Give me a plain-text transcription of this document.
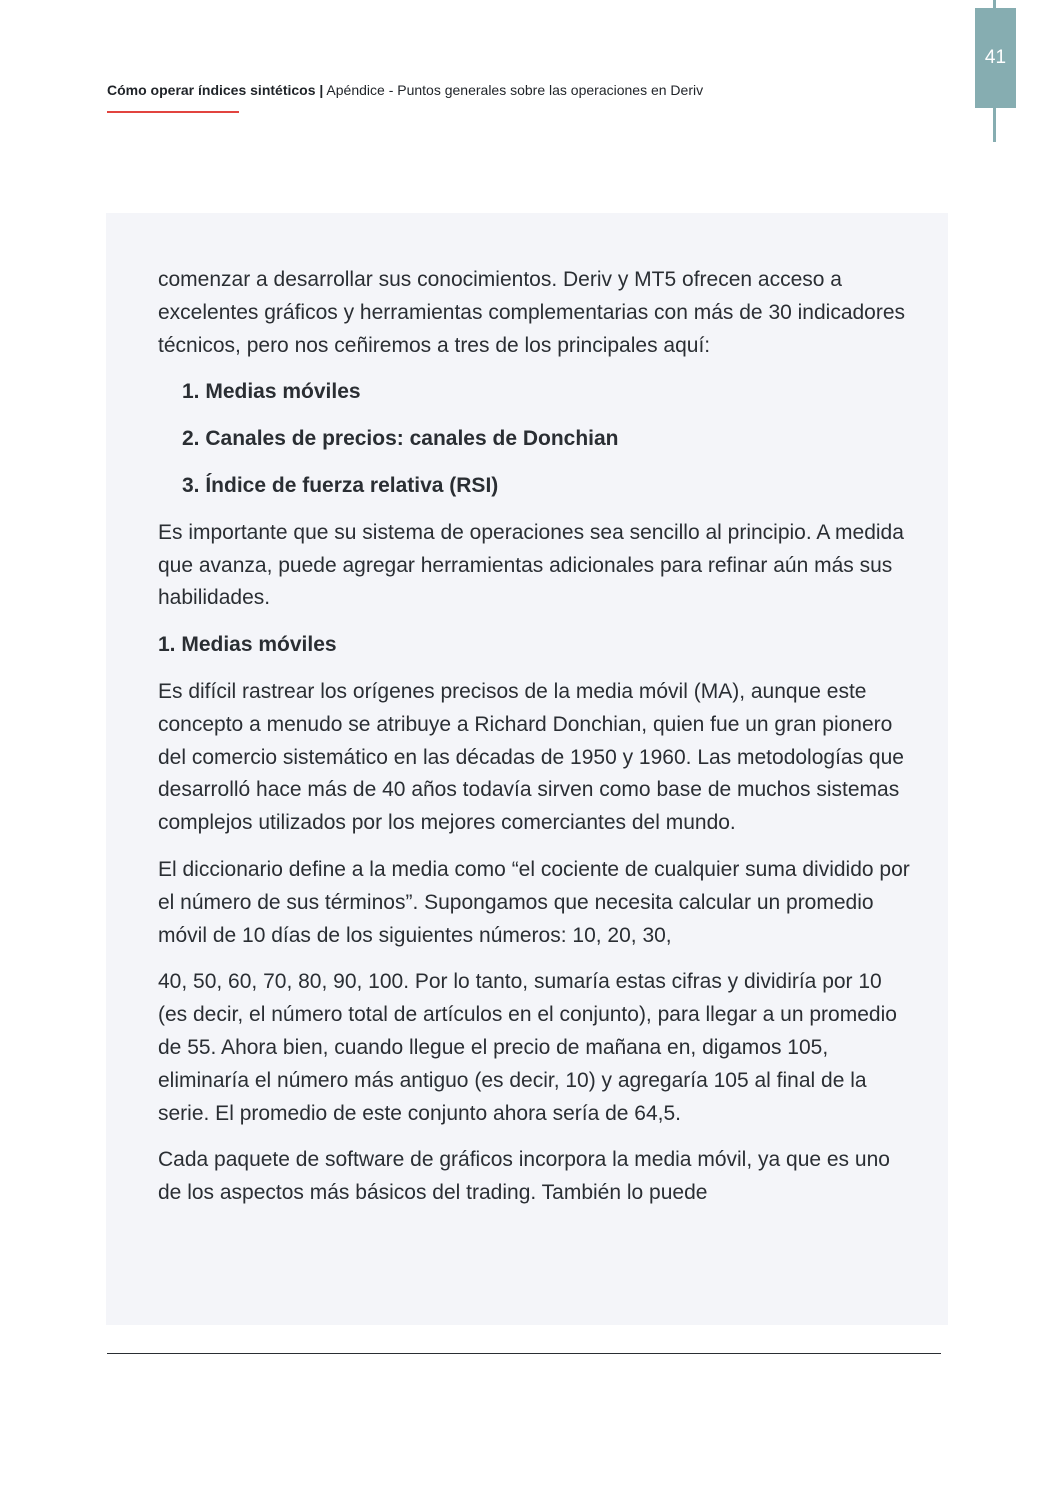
Cómo operar índices sintéticos | Apéndice - Puntos generales sobre las operaciones en Deriv
41

comenzar a desarrollar sus conocimientos. Deriv y MT5 ofrecen acceso a excelentes gráficos y herramientas complementarias con más de 30 indicadores técnicos, pero nos ceñiremos a tres de los principales aquí:

1. Medias móviles
2. Canales de precios: canales de Donchian
3. Índice de fuerza relativa (RSI)

Es importante que su sistema de operaciones sea sencillo al principio. A medida que avanza, puede agregar herramientas adicionales para refinar aún más sus habilidades.

1. Medias móviles

Es difícil rastrear los orígenes precisos de la media móvil (MA), aunque este concepto a menudo se atribuye a Richard Donchian, quien fue un gran pionero del comercio sistemático en las décadas de 1950 y 1960. Las metodologías que desarrolló hace más de 40 años todavía sirven como base de muchos sistemas complejos utilizados por los mejores comerciantes del mundo.

El diccionario define a la media como “el cociente de cualquier suma dividido por el número de sus términos”. Supongamos que necesita calcular un promedio móvil de 10 días de los siguientes números: 10, 20, 30,

40, 50, 60, 70, 80, 90, 100. Por lo tanto, sumaría estas cifras y dividiría por 10 (es decir, el número total de artículos en el conjunto), para llegar a un promedio de 55. Ahora bien, cuando llegue el precio de mañana en, digamos 105, eliminaría el número más antiguo (es decir, 10) y agregaría 105 al final de la serie. El promedio de este conjunto ahora sería de 64,5.

Cada paquete de software de gráficos incorpora la media móvil, ya que es uno de los aspectos más básicos del trading. También lo puede
